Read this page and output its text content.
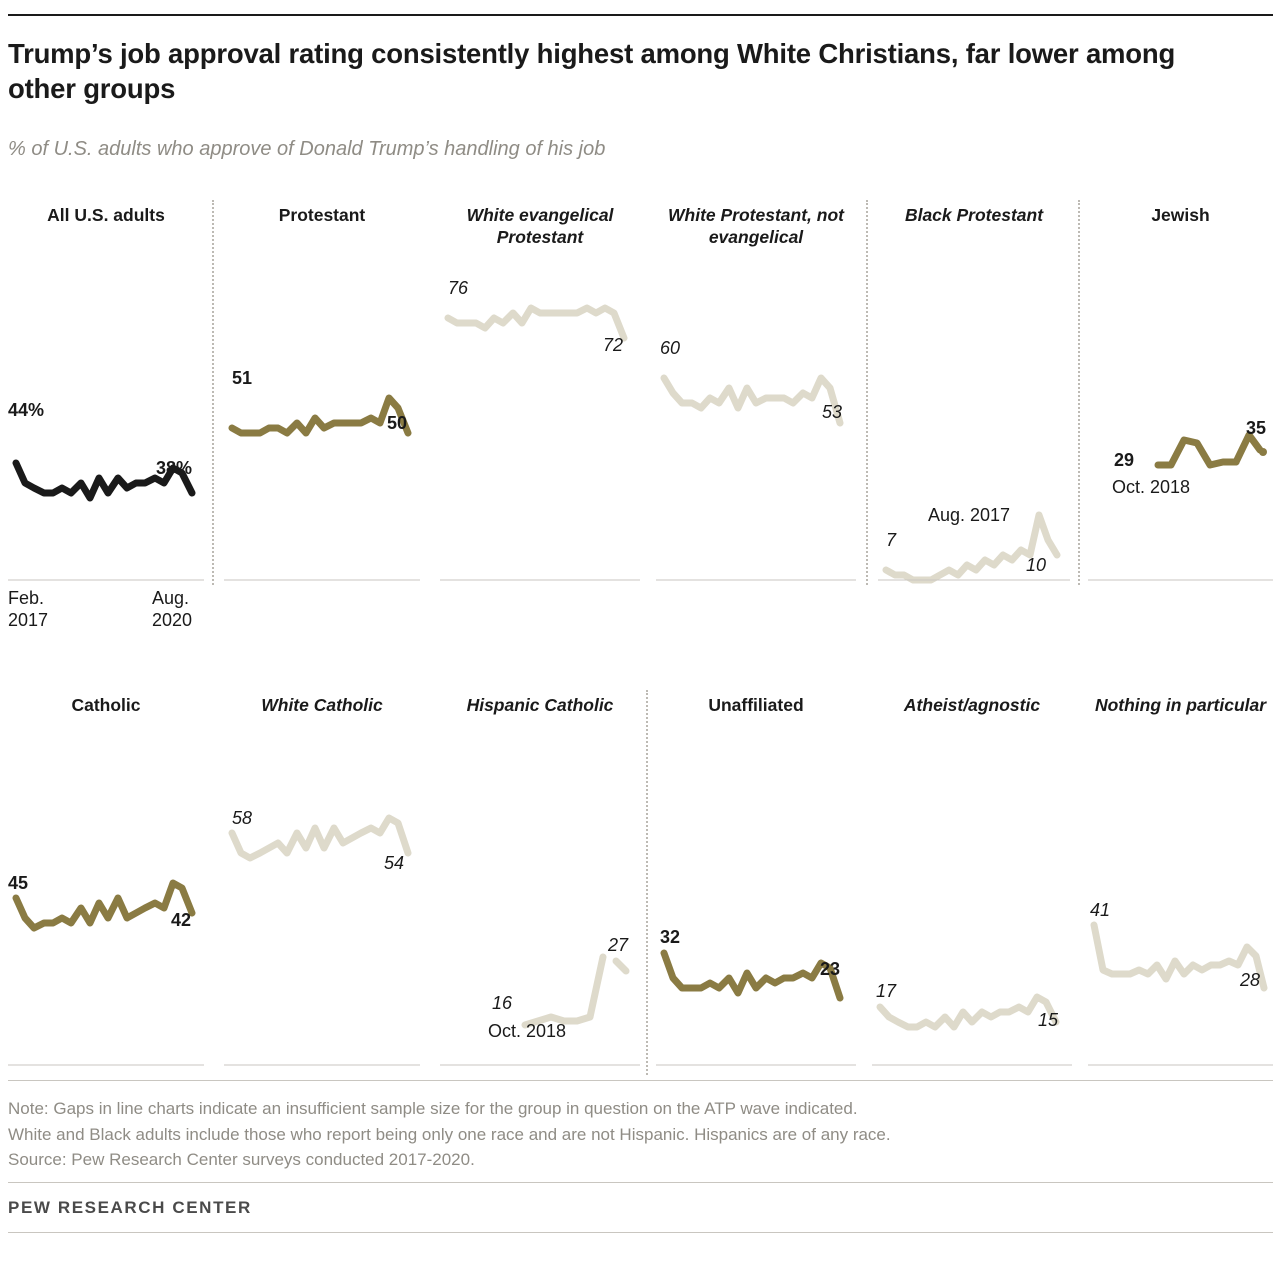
Trump’s job approval rating consistently highest among White Christians, far lower among other groups
% of U.S. adults who approve of Donald Trump’s handling of his job
All U.S. adults
44%
38%
Feb.
2017
Aug.
2020
Protestant
51
50
White evangelical Protestant
76
72
White Protestant, not evangelical
60
53
Black Protestant
Aug. 2017
7
10
Jewish
29
35
Oct. 2018
Catholic
45
42
White Catholic
58
54
Hispanic Catholic
16
Oct. 2018
27
Unaffiliated
32
23
Atheist/agnostic
17
15
Nothing in particular
41
28
Note: Gaps in line charts indicate an insufficient sample size for the group in question on the ATP wave indicated.
White and Black adults include those who report being only one race and are not Hispanic. Hispanics are of any race.
Source: Pew Research Center surveys conducted 2017-2020.
PEW RESEARCH CENTER
